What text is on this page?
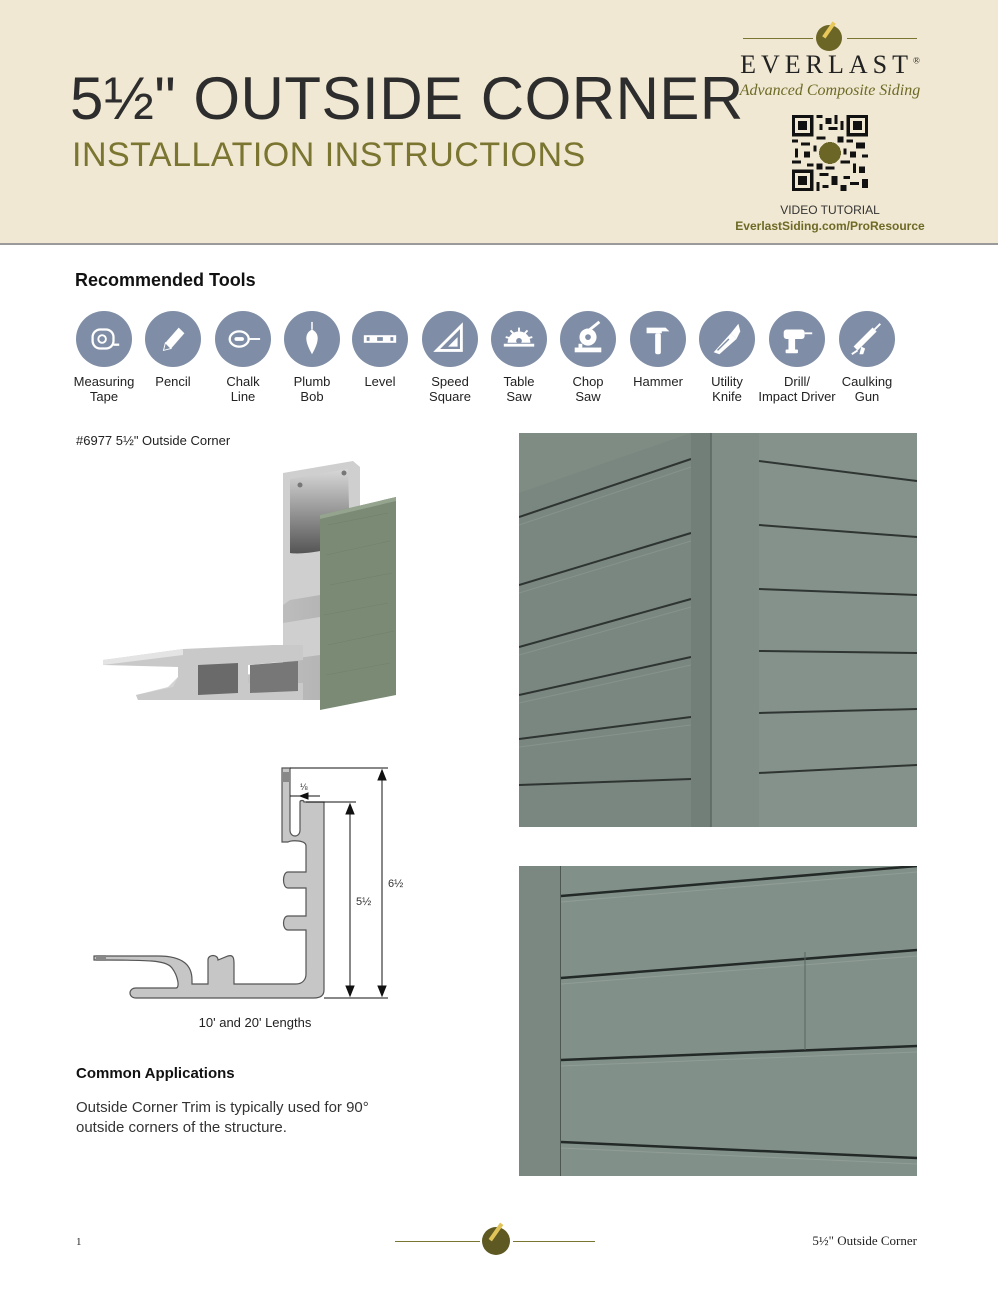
5½" OUTSIDE CORNER
INSTALLATION INSTRUCTIONS
EVERLAST®
Advanced Composite Siding
VIDEO TUTORIAL
EverlastSiding.com/ProResource
Recommended Tools
Measuring
Tape
Pencil	Chalk
Line
Plumb
Bob
Level	Speed
Square
Table
Saw
Chop
Saw
Hammer	Utility
Knife
Drill/
Impact Driver
Caulking
Gun
#6977 5½" Outside Corner
⅛
5½
6½
10' and 20' Lengths
Common Applications
Outside Corner Trim is typically used for 90° outside corners of the structure.
1	5½" Outside Corner
